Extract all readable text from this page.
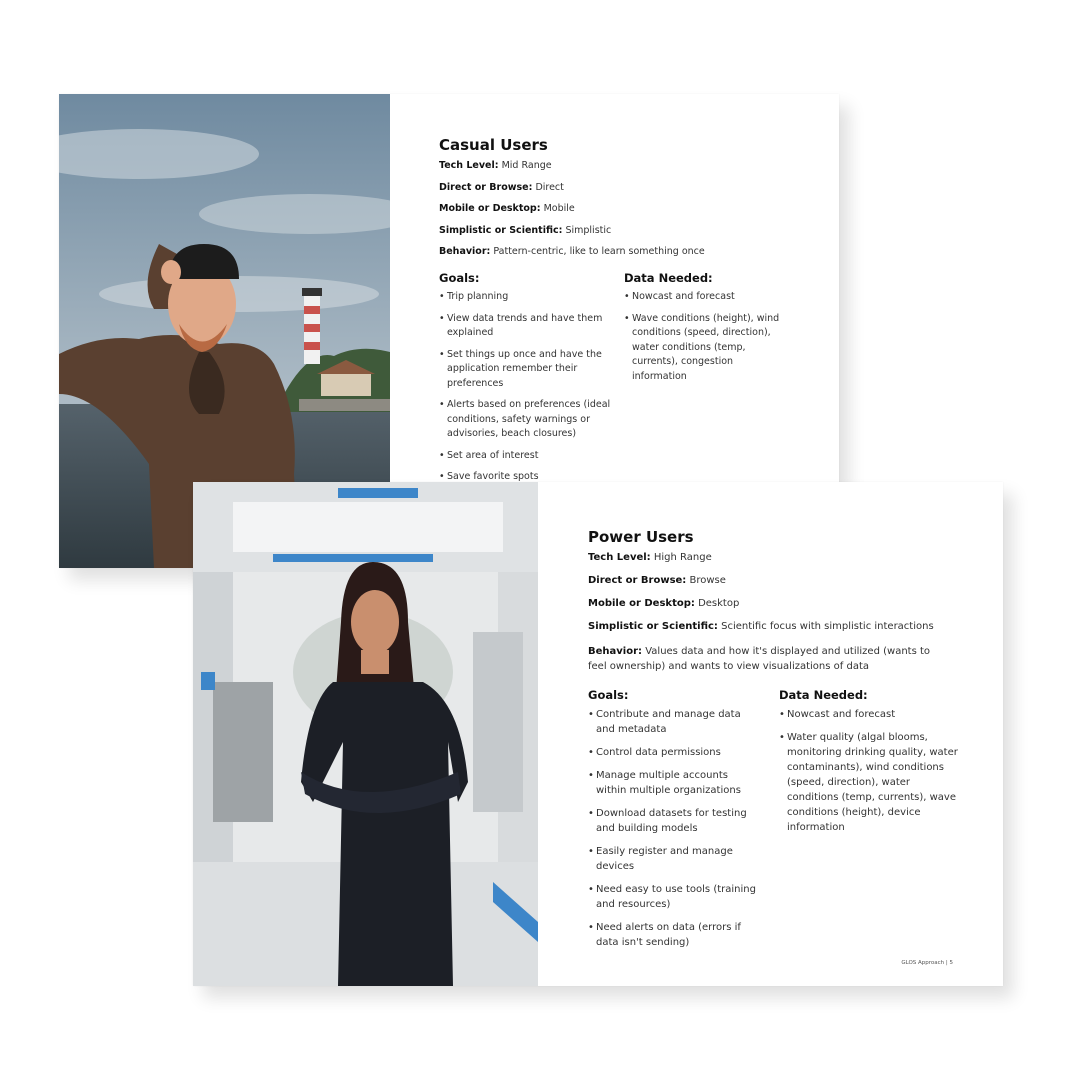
Casual Users
Tech Level: Mid Range
Direct or Browse: Direct
Mobile or Desktop: Mobile
Simplistic or Scientific: Simplistic
Behavior: Pattern-centric, like to learn something once
Goals:
• Trip planning
• View data trends and have them explained
• Set things up once and have the application remember their preferences
• Alerts based on preferences (ideal conditions, safety warnings or advisories, beach closures)
• Set area of interest
• Save favorite spots
Data Needed:
• Nowcast and forecast
• Wave conditions (height), wind conditions (speed, direction), water conditions (temp, currents), congestion information
Power Users
Tech Level: High Range
Direct or Browse: Browse
Mobile or Desktop: Desktop
Simplistic or Scientific: Scientific focus with simplistic interactions
Behavior: Values data and how it's displayed and utilized (wants to feel ownership) and wants to view visualizations of data
Goals:
• Contribute and manage data and metadata
• Control data permissions
• Manage multiple accounts within multiple organizations
• Download datasets for testing and building models
• Easily register and manage devices
• Need easy to use tools (training and resources)
• Need alerts on data (errors if data isn't sending)
Data Needed:
• Nowcast and forecast
• Water quality (algal blooms, monitoring drinking quality, water contaminants), wind conditions (speed, direction), water conditions (temp, currents), wave conditions (height), device information
GLOS Approach | 5
